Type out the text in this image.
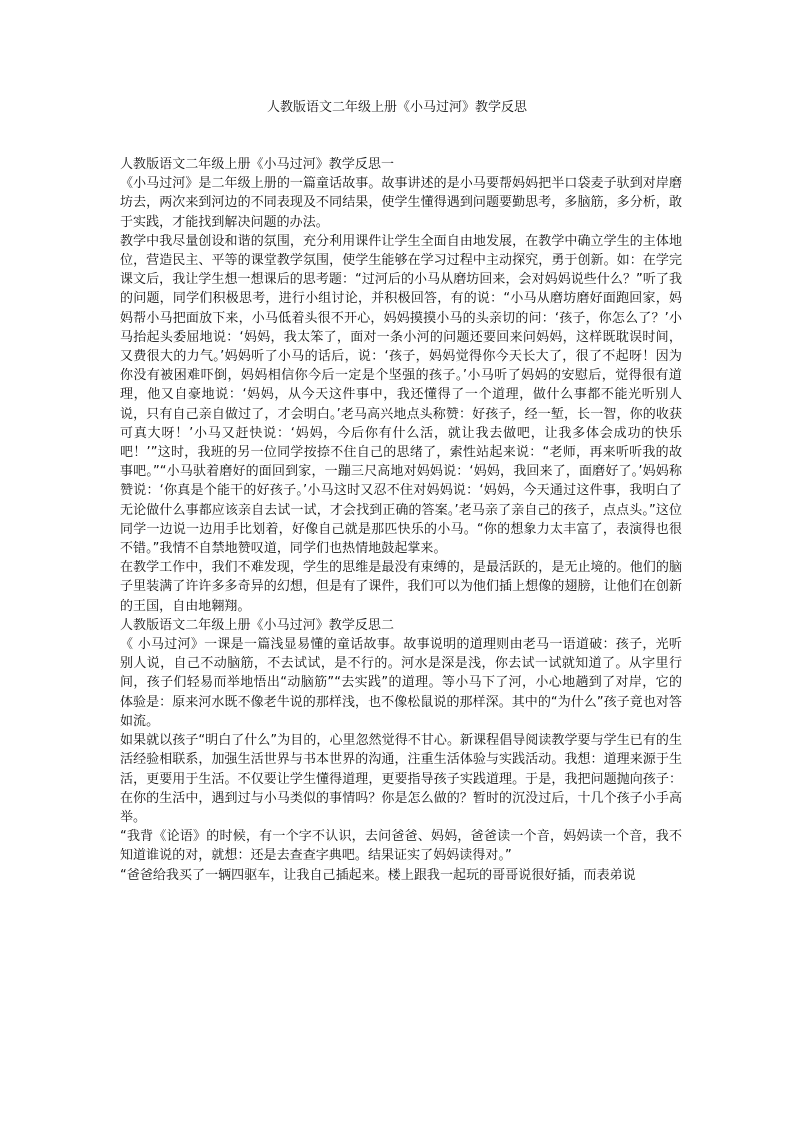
人教版语文二年级上册《小马过河》教学反思

人教版语文二年级上册《小马过河》教学反思一

《小马过河》是二年级上册的一篇童话故事。故事讲述的是小马要帮妈妈把半口袋麦子驮到对岸磨坊去，两次来到河边的不同表现及不同结果，使学生懂得遇到问题要勤思考，多脑筋，多分析，敢于实践，才能找到解决问题的办法。

教学中我尽量创设和谐的氛围，充分利用课件让学生全面自由地发展，在教学中确立学生的主体地位，营造民主、平等的课堂教学氛围，使学生能够在学习过程中主动探究，勇于创新。如：在学完课文后，我让学生想一想课后的思考题：“过河后的小马从磨坊回来，会对妈妈说些什么？”听了我的问题，同学们积极思考，进行小组讨论，并积极回答，有的说：“小马从磨坊磨好面跑回家，妈妈帮小马把面放下来，小马低着头很不开心，妈妈摸摸小马的头亲切的问：‘孩子，你怎么了？’小马抬起头委屈地说：‘妈妈，我太笨了，面对一条小河的问题还要回来问妈妈，这样既耽误时间，又费很大的力气。’妈妈听了小马的话后，说：‘孩子，妈妈觉得你今天长大了，很了不起呀！因为你没有被困难吓倒，妈妈相信你今后一定是个坚强的孩子。’小马听了妈妈的安慰后，觉得很有道理，他又自豪地说：‘妈妈，从今天这件事中，我还懂得了一个道理，做什么事都不能光听别人说，只有自己亲自做过了，才会明白。’老马高兴地点头称赞：好孩子，经一堑，长一智，你的收获可真大呀！’小马又赶快说：‘妈妈，今后你有什么活，就让我去做吧，让我多体会成功的快乐吧！’”这时，我班的另一位同学按捺不住自己的思绪了，索性站起来说：“老师，再来听听我的故事吧。”“小马驮着磨好的面回到家，一蹦三尺高地对妈妈说：‘妈妈，我回来了，面磨好了。’妈妈称赞说：‘你真是个能干的好孩子。’小马这时又忍不住对妈妈说：‘妈妈，今天通过这件事，我明白了无论做什么事都应该亲自去试一试，才会找到正确的答案。’老马亲了亲自己的孩子，点点头。”这位同学一边说一边用手比划着，好像自己就是那匹快乐的小马。“你的想象力太丰富了，表演得也很不错。”我情不自禁地赞叹道，同学们也热情地鼓起掌来。

在教学工作中，我们不难发现，学生的思维是最没有束缚的，是最活跃的，是无止境的。他们的脑子里装满了许许多多奇异的幻想，但是有了课件，我们可以为他们插上想像的翅膀，让他们在创新的王国，自由地翱翔。

人教版语文二年级上册《小马过河》教学反思二

《 小马过河》一课是一篇浅显易懂的童话故事。故事说明的道理则由老马一语道破：孩子，光听别人说，自己不动脑筋，不去试试，是不行的。河水是深是浅，你去试一试就知道了。从字里行间，孩子们轻易而举地悟出“动脑筋”“去实践”的道理。等小马下了河，小心地趟到了对岸，它的体验是：原来河水既不像老牛说的那样浅，也不像松鼠说的那样深。其中的“为什么”孩子竟也对答如流。

如果就以孩子“明白了什么”为目的，心里忽然觉得不甘心。新课程倡导阅读教学要与学生已有的生活经验相联系，加强生活世界与书本世界的沟通，注重生活体验与实践活动。我想：道理来源于生活，更要用于生活。不仅要让学生懂得道理，更要指导孩子实践道理。于是，我把问题抛向孩子：在你的生活中，遇到过与小马类似的事情吗？你是怎么做的？暂时的沉没过后，十几个孩子小手高举。

“我背《论语》的时候，有一个字不认识，去问爸爸、妈妈，爸爸读一个音，妈妈读一个音，我不知道谁说的对，就想：还是去查查字典吧。结果证实了妈妈读得对。”

“爸爸给我买了一辆四驱车，让我自己插起来。楼上跟我一起玩的哥哥说很好插，而表弟说
